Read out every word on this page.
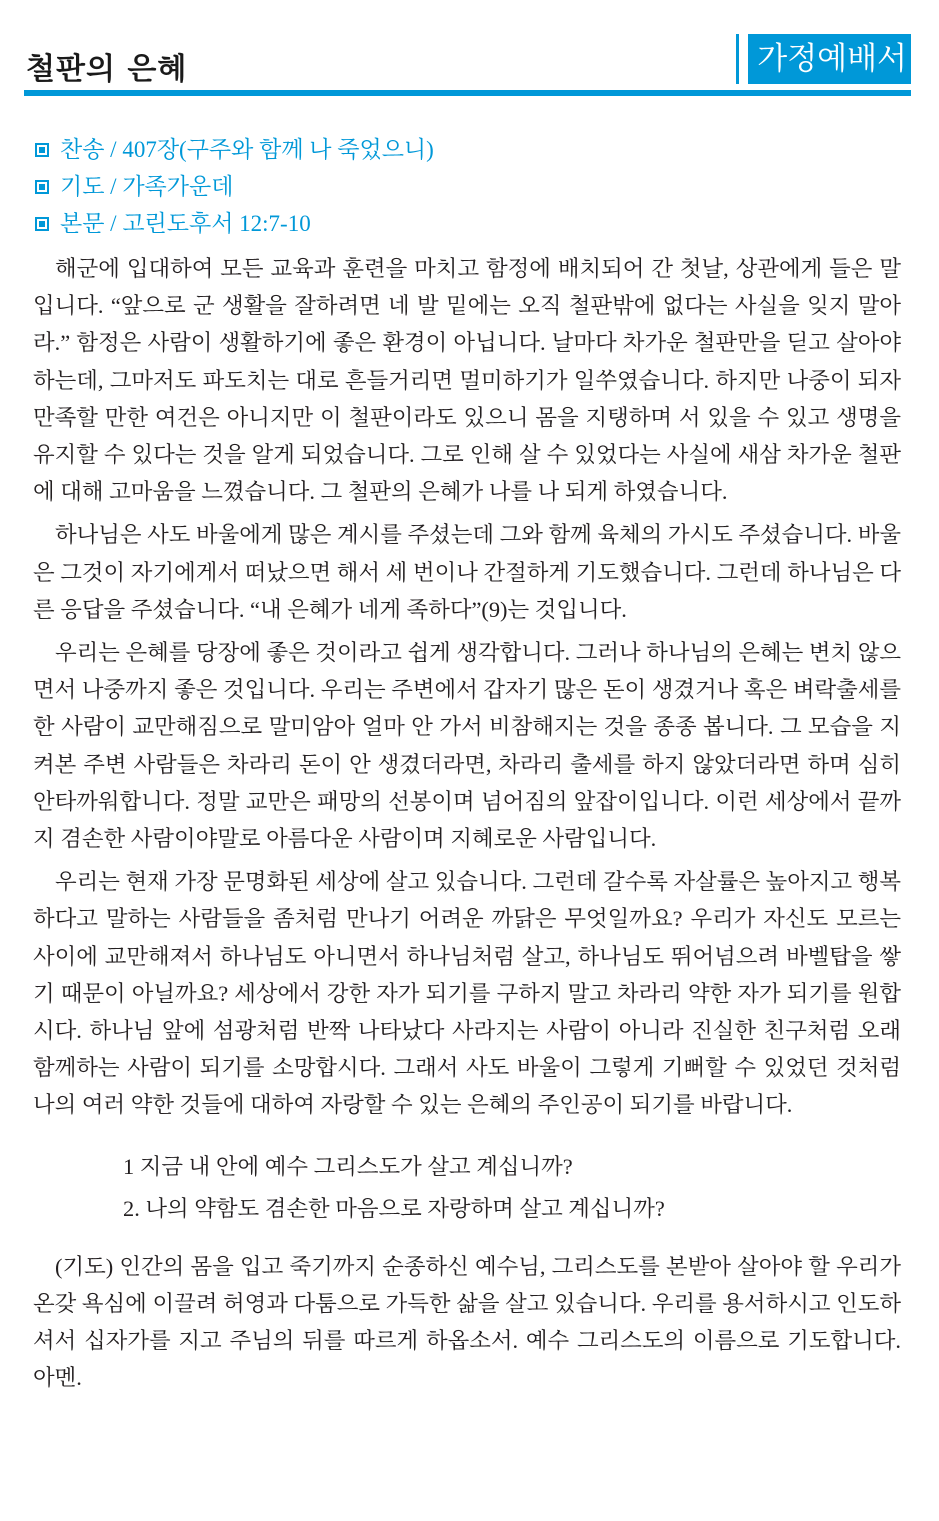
철판의 은혜	가정예배서
찬송 / 407장(구주와 함께 나 죽었으니)
기도 / 가족가운데
본문 / 고린도후서 12:7-10

해군에 입대하여 모든 교육과 훈련을 마치고 함정에 배치되어 간 첫날, 상관에게 들은 말입니다. “앞으로 군 생활을 잘하려면 네 발 밑에는 오직 철판밖에 없다는 사실을 잊지 말아라.” 함정은 사람이 생활하기에 좋은 환경이 아닙니다. 날마다 차가운 철판만을 딛고 살아야 하는데, 그마저도 파도치는 대로 흔들거리면 멀미하기가 일쑤였습니다. 하지만 나중이 되자 만족할 만한 여건은 아니지만 이 철판이라도 있으니 몸을 지탱하며 서 있을 수 있고 생명을 유지할 수 있다는 것을 알게 되었습니다. 그로 인해 살 수 있었다는 사실에 새삼 차가운 철판에 대해 고마움을 느꼈습니다. 그 철판의 은혜가 나를 나 되게 하였습니다.

하나님은 사도 바울에게 많은 계시를 주셨는데 그와 함께 육체의 가시도 주셨습니다. 바울은 그것이 자기에게서 떠났으면 해서 세 번이나 간절하게 기도했습니다. 그런데 하나님은 다른 응답을 주셨습니다. “내 은혜가 네게 족하다”(9)는 것입니다.

우리는 은혜를 당장에 좋은 것이라고 쉽게 생각합니다. 그러나 하나님의 은혜는 변치 않으면서 나중까지 좋은 것입니다. 우리는 주변에서 갑자기 많은 돈이 생겼거나 혹은 벼락출세를 한 사람이 교만해짐으로 말미암아 얼마 안 가서 비참해지는 것을 종종 봅니다. 그 모습을 지켜본 주변 사람들은 차라리 돈이 안 생겼더라면, 차라리 출세를 하지 않았더라면 하며 심히 안타까워합니다. 정말 교만은 패망의 선봉이며 넘어짐의 앞잡이입니다. 이런 세상에서 끝까지 겸손한 사람이야말로 아름다운 사람이며 지혜로운 사람입니다.

우리는 현재 가장 문명화된 세상에 살고 있습니다. 그런데 갈수록 자살률은 높아지고 행복하다고 말하는 사람들을 좀처럼 만나기 어려운 까닭은 무엇일까요? 우리가 자신도 모르는 사이에 교만해져서 하나님도 아니면서 하나님처럼 살고, 하나님도 뛰어넘으려 바벨탑을 쌓기 때문이 아닐까요? 세상에서 강한 자가 되기를 구하지 말고 차라리 약한 자가 되기를 원합시다. 하나님 앞에 섬광처럼 반짝 나타났다 사라지는 사람이 아니라 진실한 친구처럼 오래 함께하는 사람이 되기를 소망합시다. 그래서 사도 바울이 그렇게 기뻐할 수 있었던 것처럼 나의 여러 약한 것들에 대하여 자랑할 수 있는 은혜의 주인공이 되기를 바랍니다.

1 지금 내 안에 예수 그리스도가 살고 계십니까?
2. 나의 약함도 겸손한 마음으로 자랑하며 살고 계십니까?

(기도) 인간의 몸을 입고 죽기까지 순종하신 예수님, 그리스도를 본받아 살아야 할 우리가 온갖 욕심에 이끌려 허영과 다툼으로 가득한 삶을 살고 있습니다. 우리를 용서하시고 인도하셔서 십자가를 지고 주님의 뒤를 따르게 하옵소서. 예수 그리스도의 이름으로 기도합니다. 아멘.
